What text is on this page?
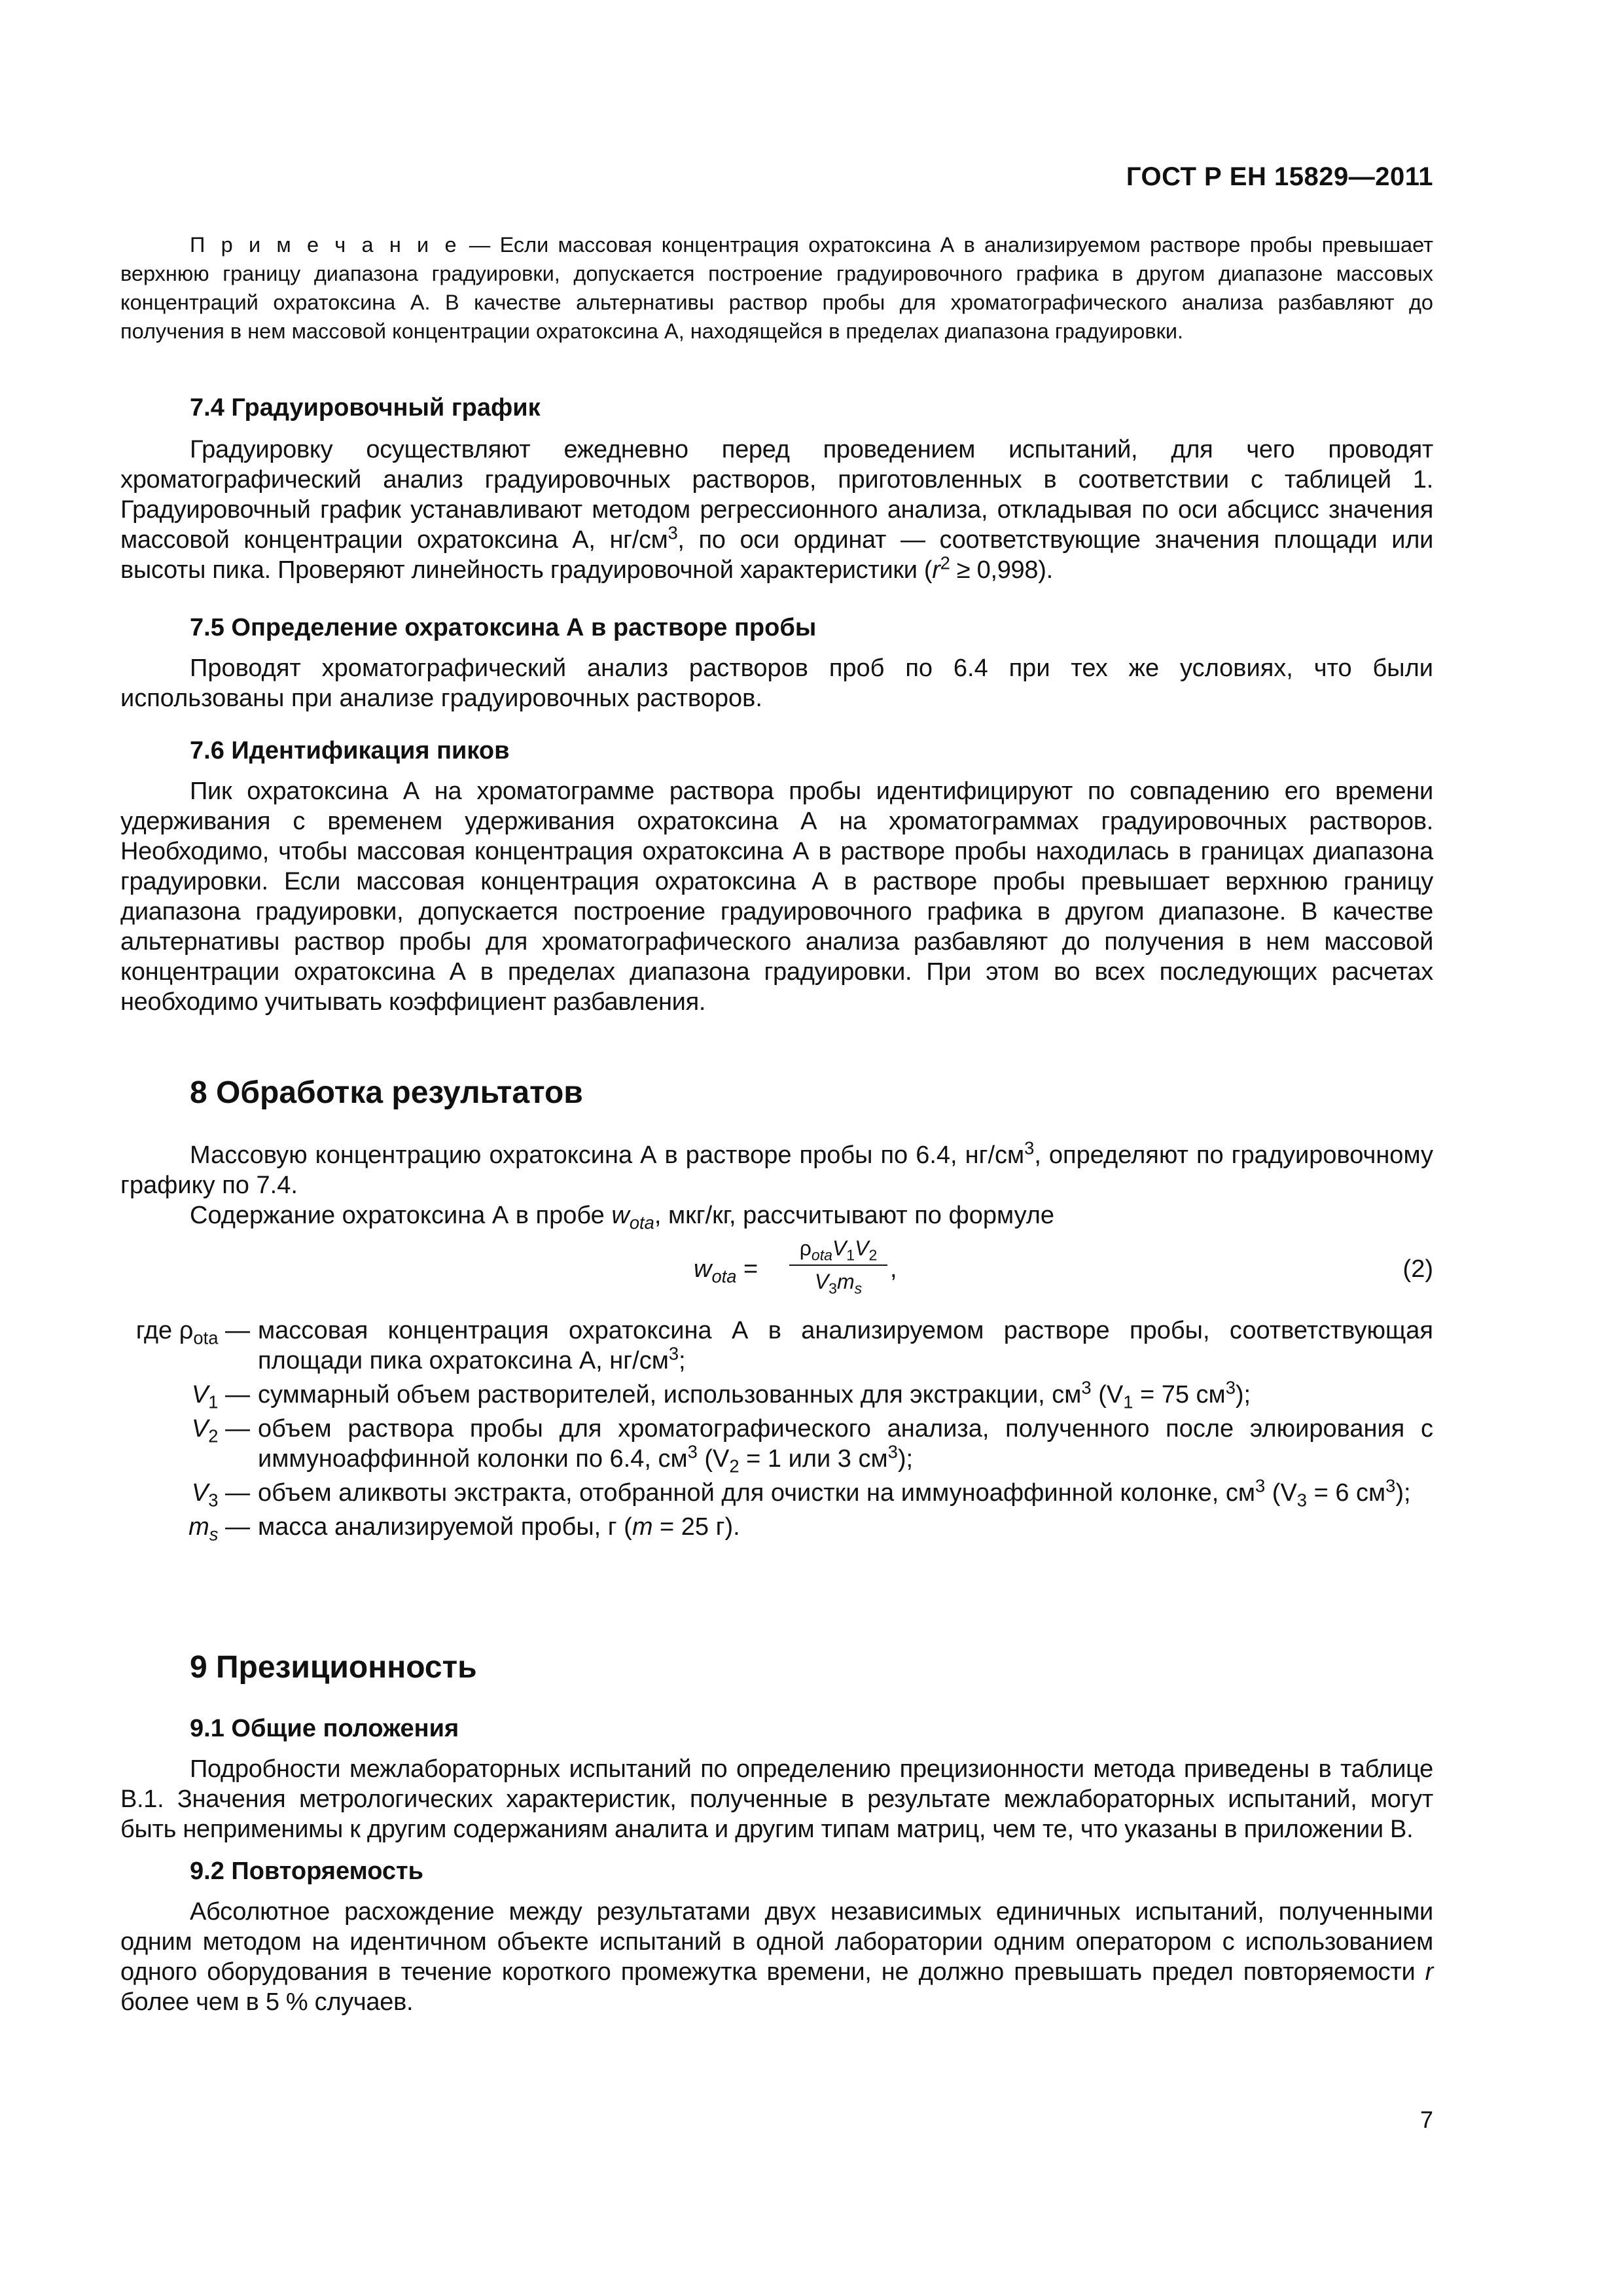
ГОСТ Р ЕН 15829—2011

П р и м е ч а н и е — Если массовая концентрация охратоксина А в анализируемом растворе пробы превышает верхнюю границу диапазона градуировки, допускается построение градуировочного графика в другом диапазоне массовых концентраций охратоксина А. В качестве альтернативы раствор пробы для хроматографического анализа разбавляют до получения в нем массовой концентрации охратоксина А, находящейся в пределах диапазона градуировки.

7.4 Градуировочный график

Градуировку осуществляют ежедневно перед проведением испытаний, для чего проводят хроматографический анализ градуировочных растворов, приготовленных в соответствии с таблицей 1. Градуировочный график устанавливают методом регрессионного анализа, откладывая по оси абсцисс значения массовой концентрации охратоксина А, $нг/см^3$, по оси ординат — соответствующие значения площади или высоты пика. Проверяют линейность градуировочной характеристики $(r^2 \ge 0,998)$.

7.5 Определение охратоксина А в растворе пробы

Проводят хроматографический анализ растворов проб по 6.4 при тех же условиях, что были использованы при анализе градуировочных растворов.

7.6 Идентификация пиков

Пик охратоксина А на хроматограмме раствора пробы идентифицируют по совпадению его времени удерживания с временем удерживания охратоксина А на хроматограммах градуировочных растворов. Необходимо, чтобы массовая концентрация охратоксина А в растворе пробы находилась в границах диапазона градуировки. Если массовая концентрация охратоксина А в растворе пробы превышает верхнюю границу диапазона градуировки, допускается построение градуировочного графика в другом диапазоне. В качестве альтернативы раствор пробы для хроматографического анализа разбавляют до получения в нем массовой концентрации охратоксина А в пределах диапазона градуировки. При этом во всех последующих расчетах необходимо учитывать коэффициент разбавления.

8 Обработка результатов

Массовую концентрацию охратоксина А в растворе пробы по 6.4, $нг/см^3$, определяют по градуировочному графику по 7.4.

Содержание охратоксина А в пробе $w_{ota}$, мкг/кг, рассчитывают по формуле

$w_{ota}$ =
$\rho_{ota}V_1V_2$
$V_3m_s$
,	(2)

где $\rho_{ota}$ — массовая концентрация охратоксина А в анализируемом растворе пробы, соответствующая площади пика охратоксина А, $нг/см^3$;

$V_1$ — суммарный объем растворителей, использованных для экстракции, $см^3$ ($V_1 = 75$ $см^3$);

$V_2$ — объем раствора пробы для хроматографического анализа, полученного после элюирования с иммуноаффинной колонки по 6.4, $см^3$ ($V_2 = 1$ или 3 $см^3$);

$V_3$ — объем аликвоты экстракта, отобранной для очистки на иммуноаффинной колонке, $см^3$ ($V_3 = 6$ $см^3$);

$m_s$ — масса анализируемой пробы, г (m = 25 г).

9 Презиционность

9.1 Общие положения

Подробности межлабораторных испытаний по определению прецизионности метода приведены в таблице В.1. Значения метрологических характеристик, полученные в результате межлабораторных испытаний, могут быть неприменимы к другим содержаниям аналита и другим типам матриц, чем те, что указаны в приложении В.

9.2 Повторяемость

Абсолютное расхождение между результатами двух независимых единичных испытаний, полученными одним методом на идентичном объекте испытаний в одной лаборатории одним оператором с использованием одного оборудования в течение короткого промежутка времени, не должно превышать предел повторяемости r более чем в 5 % случаев.

7
